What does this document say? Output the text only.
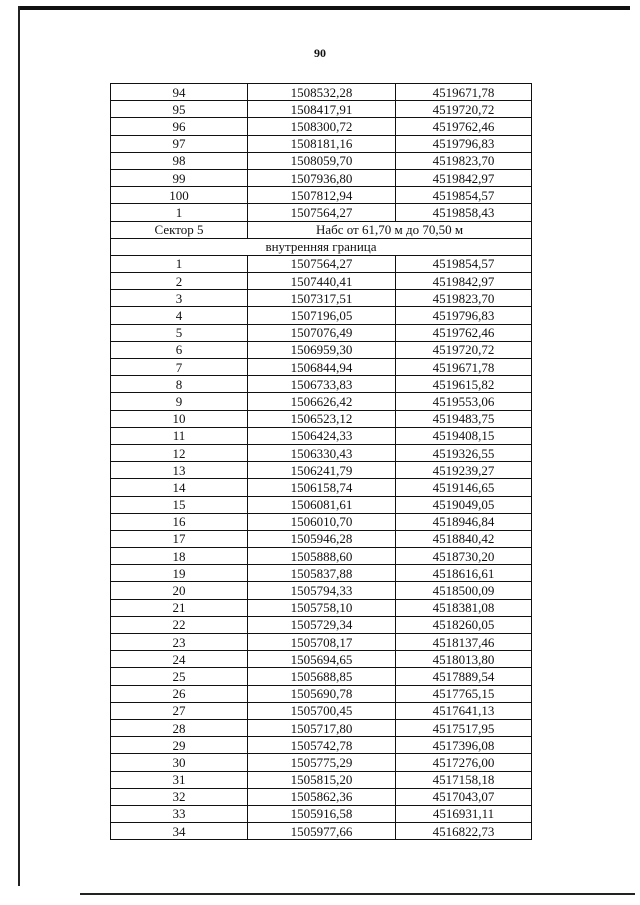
90
94	1508532,28	4519671,78
95	1508417,91	4519720,72
96	1508300,72	4519762,46
97	1508181,16	4519796,83
98	1508059,70	4519823,70
99	1507936,80	4519842,97
100	1507812,94	4519854,57
1	1507564,27	4519858,43
Сектор 5	Набс от 61,70 м до 70,50 м	
внутренняя граница		
1	1507564,27	4519854,57
2	1507440,41	4519842,97
3	1507317,51	4519823,70
4	1507196,05	4519796,83
5	1507076,49	4519762,46
6	1506959,30	4519720,72
7	1506844,94	4519671,78
8	1506733,83	4519615,82
9	1506626,42	4519553,06
10	1506523,12	4519483,75
11	1506424,33	4519408,15
12	1506330,43	4519326,55
13	1506241,79	4519239,27
14	1506158,74	4519146,65
15	1506081,61	4519049,05
16	1506010,70	4518946,84
17	1505946,28	4518840,42
18	1505888,60	4518730,20
19	1505837,88	4518616,61
20	1505794,33	4518500,09
21	1505758,10	4518381,08
22	1505729,34	4518260,05
23	1505708,17	4518137,46
24	1505694,65	4518013,80
25	1505688,85	4517889,54
26	1505690,78	4517765,15
27	1505700,45	4517641,13
28	1505717,80	4517517,95
29	1505742,78	4517396,08
30	1505775,29	4517276,00
31	1505815,20	4517158,18
32	1505862,36	4517043,07
33	1505916,58	4516931,11
34	1505977,66	4516822,73
